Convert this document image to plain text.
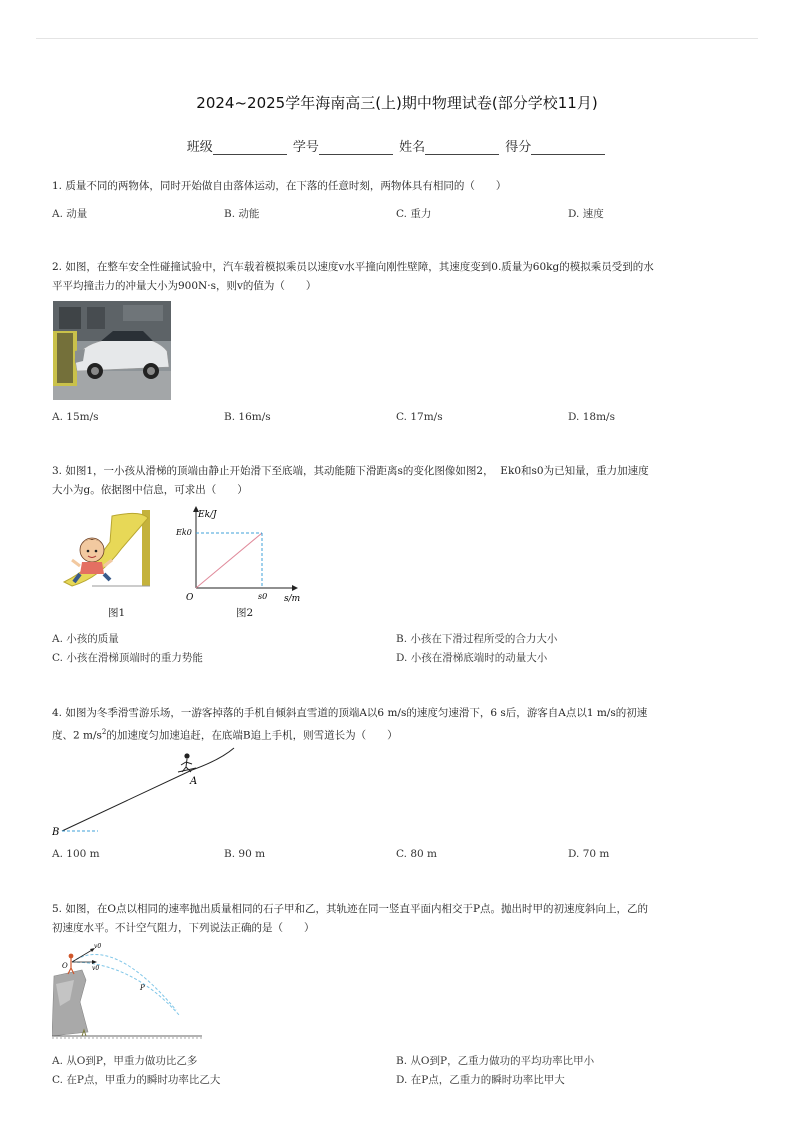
2024~2025学年海南高三(上)期中物理试卷(部分学校11月)
班级	学号	姓名	得分
1. 质量不同的两物体，同时开始做自由落体运动，在下落的任意时刻，两物体具有相同的（　　）
A. 动量	B. 动能	C. 重力	D. 速度
2. 如图，在整车安全性碰撞试验中，汽车载着模拟乘员以速度v水平撞向刚性壁障，其速度变到0.质量为60kg的模拟乘员受到的水
平平均撞击力的冲量大小为900N·s，则v的值为（　　）
A. 15m/s	B. 16m/s	C. 17m/s	D. 18m/s
3. 如图1，一小孩从滑梯的顶端由静止开始滑下至底端，其动能随下滑距离s的变化图像如图2， Ek0和s0为已知量，重力加速度
大小为g。依据图中信息，可求出（　　）
图1
Ek/J
Ek0
O	s0 s/m
图2
A. 小孩的质量	B. 小孩在下滑过程所受的合力大小
C. 小孩在滑梯顶端时的重力势能	D. 小孩在滑梯底端时的动量大小
4. 如图为冬季滑雪游乐场，一游客掉落的手机自倾斜直雪道的顶端A以6 m/s的速度匀速滑下，6 s后，游客自A点以1 m/s的初速
度、2 $m/s^2$的加速度匀加速追赶，在底端B追上手机，则雪道长为（　　）
A
B
A. 100 m	B. 90 m	C. 80 m	D. 70 m
5. 如图，在O点以相同的速率抛出质量相同的石子甲和乙，其轨迹在同一竖直平面内相交于P点。抛出时甲的初速度斜向上，乙的
初速度水平。不计空气阻力，下列说法正确的是（　　）
v0
v0
O
P
A. 从O到P，甲重力做功比乙多	B. 从O到P，乙重力做功的平均功率比甲小
C. 在P点，甲重力的瞬时功率比乙大	D. 在P点，乙重力的瞬时功率比甲大
